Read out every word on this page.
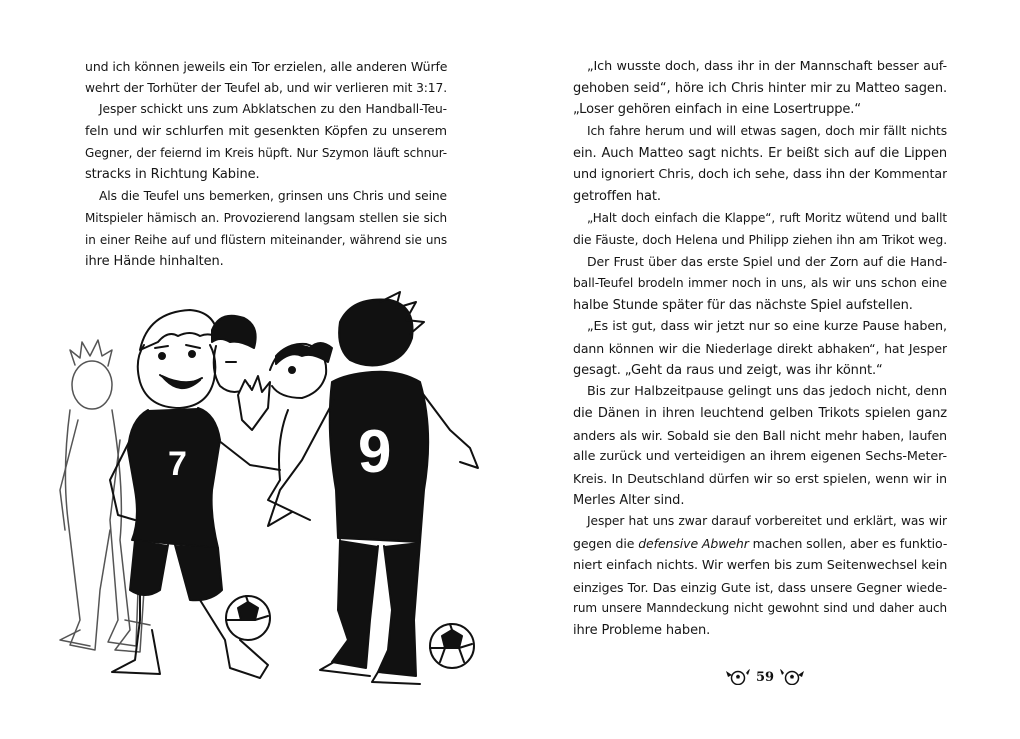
und ich können jeweils ein Tor erzielen, alle anderen Würfe
wehrt der Torhüter der Teufel ab, und wir verlieren mit 3:17.
Jesper schickt uns zum Abklatschen zu den Handball-Teu-
feln und wir schlurfen mit gesenkten Köpfen zu unserem
Gegner, der feiernd im Kreis hüpft. Nur Szymon läuft schnur-
stracks in Richtung Kabine.
Als die Teufel uns bemerken, grinsen uns Chris und seine
Mitspieler hämisch an. Provozierend langsam stellen sie sich
in einer Reihe auf und flüstern miteinander, während sie uns
ihre Hände hinhalten.
7	9
„Ich wusste doch, dass ihr in der Mannschaft besser auf-
gehoben seid“, höre ich Chris hinter mir zu Matteo sagen.
„Loser gehören einfach in eine Losertruppe.“
Ich fahre herum und will etwas sagen, doch mir fällt nichts
ein. Auch Matteo sagt nichts. Er beißt sich auf die Lippen
und ignoriert Chris, doch ich sehe, dass ihn der Kommentar
getroffen hat.
„Halt doch einfach die Klappe“, ruft Moritz wütend und ballt
die Fäuste, doch Helena und Philipp ziehen ihn am Trikot weg.
Der Frust über das erste Spiel und der Zorn auf die Hand-
ball-Teufel brodeln immer noch in uns, als wir uns schon eine
halbe Stunde später für das nächste Spiel aufstellen.
„Es ist gut, dass wir jetzt nur so eine kurze Pause haben,
dann können wir die Niederlage direkt abhaken“, hat Jesper
gesagt. „Geht da raus und zeigt, was ihr könnt.“
Bis zur Halbzeitpause gelingt uns das jedoch nicht, denn
die Dänen in ihren leuchtend gelben Trikots spielen ganz
anders als wir. Sobald sie den Ball nicht mehr haben, laufen
alle zurück und verteidigen an ihrem eigenen Sechs-Meter-
Kreis. In Deutschland dürfen wir so erst spielen, wenn wir in
Merles Alter sind.
Jesper hat uns zwar darauf vorbereitet und erklärt, was wir
gegen die defensive Abwehr machen sollen, aber es funktio-
niert einfach nichts. Wir werfen bis zum Seitenwechsel kein
einziges Tor. Das einzig Gute ist, dass unsere Gegner wiede-
rum unsere Manndeckung nicht gewohnt sind und daher auch
ihre Probleme haben.
59
